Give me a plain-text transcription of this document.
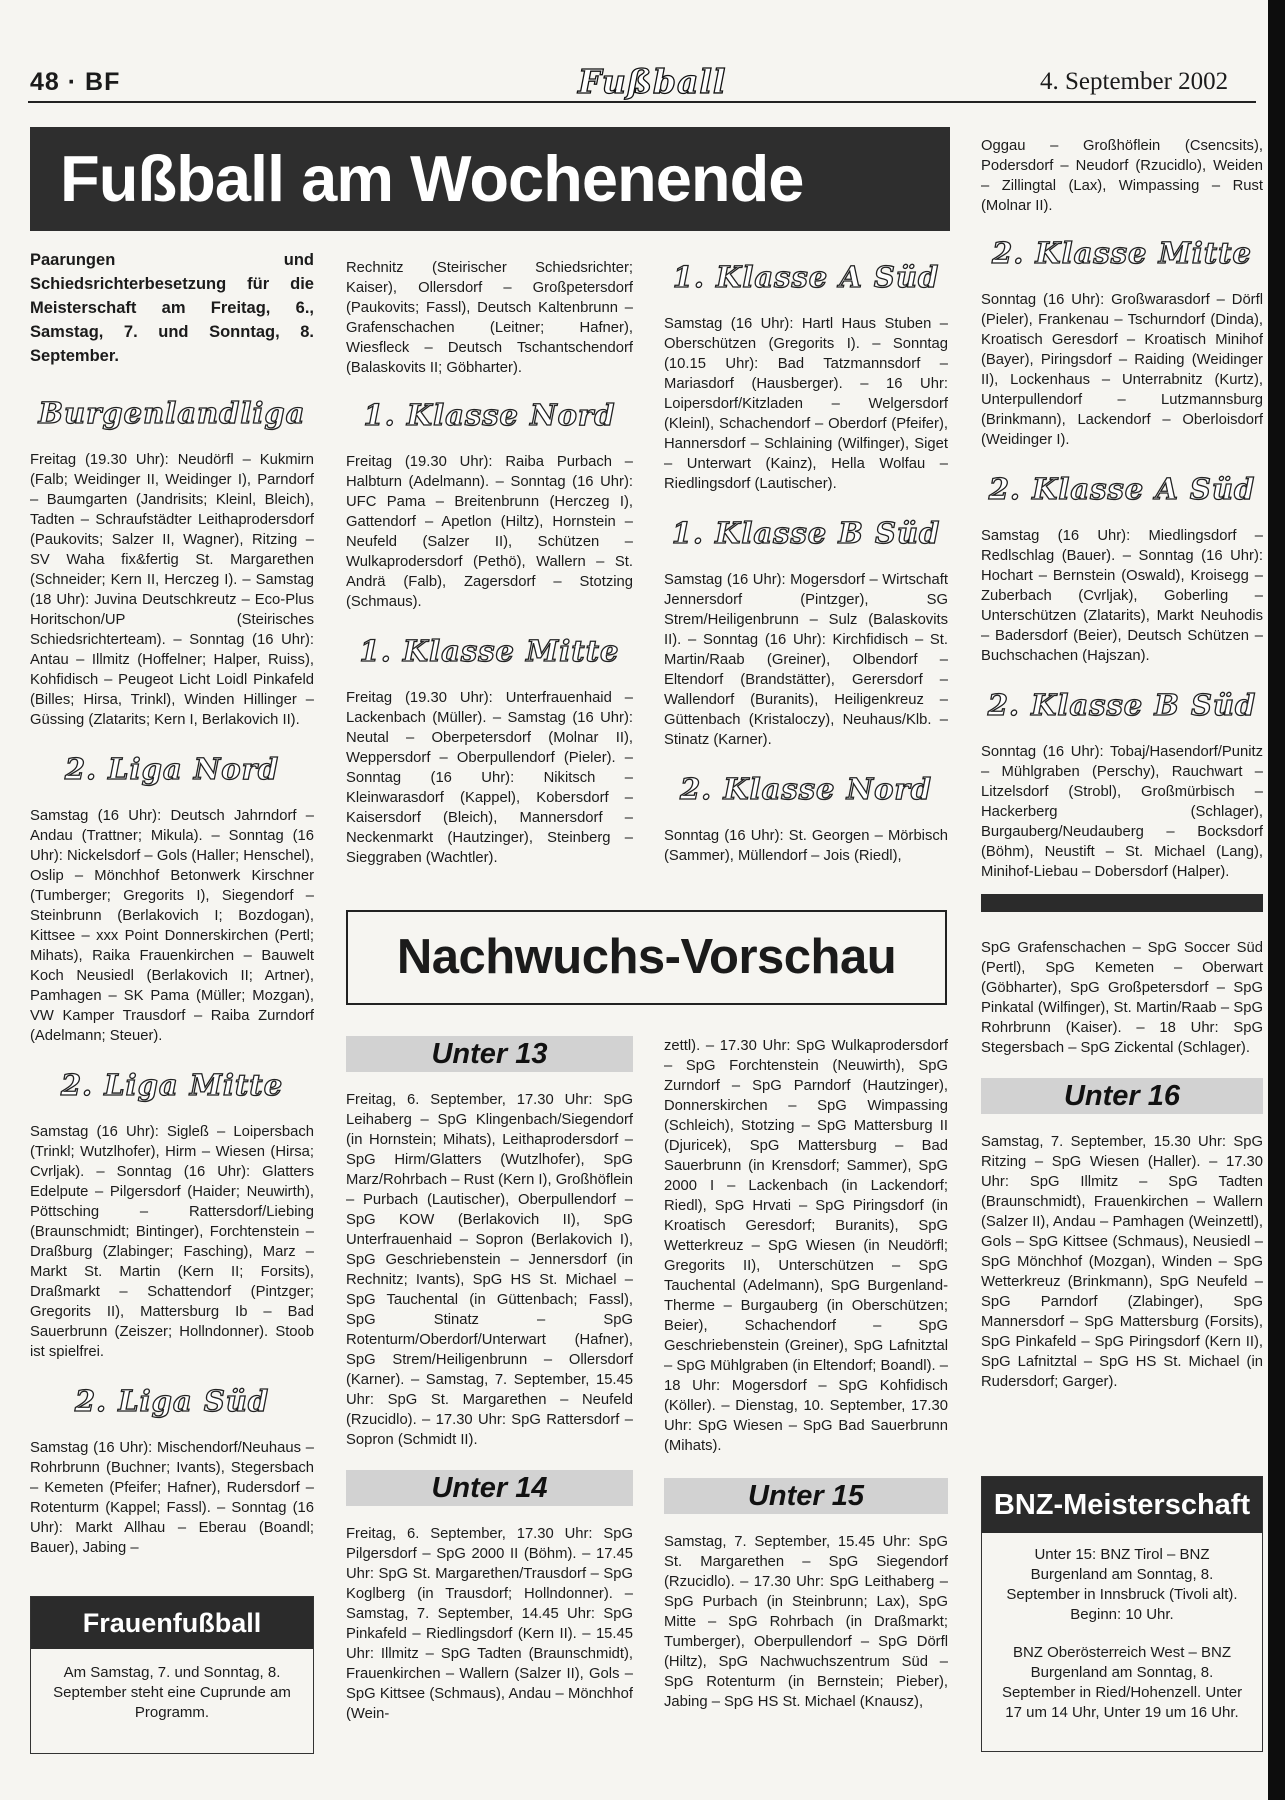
48 · BF	Fußball	4. September 2002
Fußball am Wochenende

Paarungen und Schiedsrichterbesetzung für die Meisterschaft am Freitag, 6., Samstag, 7. und Sonntag, 8. September.

Burgenlandliga

Freitag (19.30 Uhr): Neudörfl – Kukmirn (Falb; Weidinger II, Weidinger I), Parndorf – Baumgarten (Jandrisits; Kleinl, Bleich), Tadten – Schraufstädter Leithaprodersdorf (Paukovits; Salzer II, Wagner), Ritzing – SV Waha fix&fertig St. Margarethen (Schneider; Kern II, Herczeg I). – Samstag (18 Uhr): Juvina Deutschkreutz – Eco-Plus Horitschon/UP (Steirisches Schiedsrichterteam). – Sonntag (16 Uhr): Antau – Illmitz (Hoffelner; Halper, Ruiss), Kohfidisch – Peugeot Licht Loidl Pinkafeld (Billes; Hirsa, Trinkl), Winden Hillinger – Güssing (Zlatarits; Kern I, Berlakovich II).

2. Liga Nord

Samstag (16 Uhr): Deutsch Jahrndorf – Andau (Trattner; Mikula). – Sonntag (16 Uhr): Nickelsdorf – Gols (Haller; Henschel), Oslip – Mönchhof Betonwerk Kirschner (Tumberger; Gregorits I), Siegendorf – Steinbrunn (Berlakovich I; Bozdogan), Kittsee – xxx Point Donnerskirchen (Pertl; Mihats), Raika Frauenkirchen – Bauwelt Koch Neusiedl (Berlakovich II; Artner), Pamhagen – SK Pama (Müller; Mozgan), VW Kamper Trausdorf – Raiba Zurndorf (Adelmann; Steuer).

2. Liga Mitte

Samstag (16 Uhr): Sigleß – Loipersbach (Trinkl; Wutzlhofer), Hirm – Wiesen (Hirsa; Cvrljak). – Sonntag (16 Uhr): Glatters Edelpute – Pilgersdorf (Haider; Neuwirth), Pöttsching – Rattersdorf/Liebing (Braunschmidt; Bintinger), Forchtenstein – Draßburg (Zlabinger; Fasching), Marz – Markt St. Martin (Kern II; Forsits), Draßmarkt – Schattendorf (Pintzger; Gregorits II), Mattersburg Ib – Bad Sauerbrunn (Zeiszer; Hollndonner). Stoob ist spielfrei.

2. Liga Süd

Samstag (16 Uhr): Mischendorf/Neuhaus – Rohrbrunn (Buchner; Ivants), Stegersbach – Kemeten (Pfeifer; Hafner), Rudersdorf – Rotenturm (Kappel; Fassl). – Sonntag (16 Uhr): Markt Allhau – Eberau (Boandl; Bauer), Jabing –

Frauenfußball
Am Samstag, 7. und Sonntag, 8. September steht eine Cuprunde am Programm.

Rechnitz (Steirischer Schiedsrichter; Kaiser), Ollersdorf – Großpetersdorf (Paukovits; Fassl), Deutsch Kaltenbrunn – Grafenschachen (Leitner; Hafner), Wiesfleck – Deutsch Tschantschendorf (Balaskovits II; Göbharter).

1. Klasse Nord

Freitag (19.30 Uhr): Raiba Purbach – Halbturn (Adelmann). – Sonntag (16 Uhr): UFC Pama – Breitenbrunn (Herczeg I), Gattendorf – Apetlon (Hiltz), Hornstein – Neufeld (Salzer II), Schützen – Wulkaprodersdorf (Pethö), Wallern – St. Andrä (Falb), Zagersdorf – Stotzing (Schmaus).

1. Klasse Mitte

Freitag (19.30 Uhr): Unterfrauenhaid – Lackenbach (Müller). – Samstag (16 Uhr): Neutal – Oberpetersdorf (Molnar II), Weppersdorf – Oberpullendorf (Pieler). – Sonntag (16 Uhr): Nikitsch – Kleinwarasdorf (Kappel), Kobersdorf – Kaisersdorf (Bleich), Mannersdorf – Neckenmarkt (Hautzinger), Steinberg – Sieggraben (Wachtler).

1. Klasse A Süd

Samstag (16 Uhr): Hartl Haus Stuben – Oberschützen (Gregorits I). – Sonntag (10.15 Uhr): Bad Tatzmannsdorf – Mariasdorf (Hausberger). – 16 Uhr: Loipersdorf/Kitzladen – Welgersdorf (Kleinl), Schachendorf – Oberdorf (Pfeifer), Hannersdorf – Schlaining (Wilfinger), Siget – Unterwart (Kainz), Hella Wolfau – Riedlingsdorf (Lautischer).

1. Klasse B Süd

Samstag (16 Uhr): Mogersdorf – Wirtschaft Jennersdorf (Pintzger), SG Strem/Heiligenbrunn – Sulz (Balaskovits II). – Sonntag (16 Uhr): Kirchfidisch – St. Martin/Raab (Greiner), Olbendorf – Eltendorf (Brandstätter), Gerersdorf – Wallendorf (Buranits), Heiligenkreuz – Güttenbach (Kristaloczy), Neuhaus/Klb. – Stinatz (Karner).

2. Klasse Nord

Sonntag (16 Uhr): St. Georgen – Mörbisch (Sammer), Müllendorf – Jois (Riedl),

Nachwuchs-Vorschau
Unter 13

Freitag, 6. September, 17.30 Uhr: SpG Leihaberg – SpG Klingenbach/Siegendorf (in Hornstein; Mihats), Leithaprodersdorf – SpG Hirm/Glatters (Wutzlhofer), SpG Marz/Rohrbach – Rust (Kern I), Großhöflein – Purbach (Lautischer), Oberpullendorf – SpG KOW (Berlakovich II), SpG Unterfrauenhaid – Sopron (Berlakovich I), SpG Geschriebenstein – Jennersdorf (in Rechnitz; Ivants), SpG HS St. Michael – SpG Tauchental (in Güttenbach; Fassl), SpG Stinatz – SpG Rotenturm/Oberdorf/Unterwart (Hafner), SpG Strem/Heiligenbrunn – Ollersdorf (Karner). – Samstag, 7. September, 15.45 Uhr: SpG St. Margarethen – Neufeld (Rzucidlo). – 17.30 Uhr: SpG Rattersdorf – Sopron (Schmidt II).

Unter 14

Freitag, 6. September, 17.30 Uhr: SpG Pilgersdorf – SpG 2000 II (Böhm). – 17.45 Uhr: SpG St. Margarethen/Trausdorf – SpG Koglberg (in Trausdorf; Hollndonner). – Samstag, 7. September, 14.45 Uhr: SpG Pinkafeld – Riedlingsdorf (Kern II). – 15.45 Uhr: Illmitz – SpG Tadten (Braunschmidt), Frauenkirchen – Wallern (Salzer II), Gols – SpG Kittsee (Schmaus), Andau – Mönchhof (Wein-

zettl). – 17.30 Uhr: SpG Wulkaprodersdorf – SpG Forchtenstein (Neuwirth), SpG Zurndorf – SpG Parndorf (Hautzinger), Donnerskirchen – SpG Wimpassing (Schleich), Stotzing – SpG Mattersburg II (Djuricek), SpG Mattersburg – Bad Sauerbrunn (in Krensdorf; Sammer), SpG 2000 I – Lackenbach (in Lackendorf; Riedl), SpG Hrvati – SpG Piringsdorf (in Kroatisch Geresdorf; Buranits), SpG Wetterkreuz – SpG Wiesen (in Neudörfl; Gregorits II), Unterschützen – SpG Tauchental (Adelmann), SpG Burgenland-Therme – Burgauberg (in Oberschützen; Beier), Schachendorf – SpG Geschriebenstein (Greiner), SpG Lafnitztal – SpG Mühlgraben (in Eltendorf; Boandl). – 18 Uhr: Mogersdorf – SpG Kohfidisch (Köller). – Dienstag, 10. September, 17.30 Uhr: SpG Wiesen – SpG Bad Sauerbrunn (Mihats).

Unter 15

Samstag, 7. September, 15.45 Uhr: SpG St. Margarethen – SpG Siegendorf (Rzucidlo). – 17.30 Uhr: SpG Leithaberg – SpG Purbach (in Steinbrunn; Lax), SpG Mitte – SpG Rohrbach (in Draßmarkt; Tumberger), Oberpullendorf – SpG Dörfl (Hiltz), SpG Nachwuchszentrum Süd – SpG Rotenturm (in Bernstein; Pieber), Jabing – SpG HS St. Michael (Knausz),

Oggau – Großhöflein (Csencsits), Podersdorf – Neudorf (Rzucidlo), Weiden – Zillingtal (Lax), Wimpassing – Rust (Molnar II).

2. Klasse Mitte

Sonntag (16 Uhr): Großwarasdorf – Dörfl (Pieler), Frankenau – Tschurndorf (Dinda), Kroatisch Geresdorf – Kroatisch Minihof (Bayer), Piringsdorf – Raiding (Weidinger II), Lockenhaus – Unterrabnitz (Kurtz), Unterpullendorf – Lutzmannsburg (Brinkmann), Lackendorf – Oberloisdorf (Weidinger I).

2. Klasse A Süd

Samstag (16 Uhr): Miedlingsdorf – Redlschlag (Bauer). – Sonntag (16 Uhr): Hochart – Bernstein (Oswald), Kroisegg – Zuberbach (Cvrljak), Goberling – Unterschützen (Zlatarits), Markt Neuhodis – Badersdorf (Beier), Deutsch Schützen – Buchschachen (Hajszan).

2. Klasse B Süd

Sonntag (16 Uhr): Tobaj/Hasendorf/Punitz – Mühlgraben (Perschy), Rauchwart – Litzelsdorf (Strobl), Großmürbisch – Hackerberg (Schlager), Burgauberg/Neudauberg – Bocksdorf (Böhm), Neustift – St. Michael (Lang), Minihof-Liebau – Dobersdorf (Halper).

SpG Grafenschachen – SpG Soccer Süd (Pertl), SpG Kemeten – Oberwart (Göbharter), SpG Großpetersdorf – SpG Pinkatal (Wilfinger), St. Martin/Raab – SpG Rohrbrunn (Kaiser). – 18 Uhr: SpG Stegersbach – SpG Zickental (Schlager).

Unter 16

Samstag, 7. September, 15.30 Uhr: SpG Ritzing – SpG Wiesen (Haller). – 17.30 Uhr: SpG Illmitz – SpG Tadten (Braunschmidt), Frauenkirchen – Wallern (Salzer II), Andau – Pamhagen (Weinzettl), Gols – SpG Kittsee (Schmaus), Neusiedl – SpG Mönchhof (Mozgan), Winden – SpG Wetterkreuz (Brinkmann), SpG Neufeld – SpG Parndorf (Zlabinger), SpG Mannersdorf – SpG Mattersburg (Forsits), SpG Pinkafeld – SpG Piringsdorf (Kern II), SpG Lafnitztal – SpG HS St. Michael (in Rudersdorf; Garger).

BNZ-Meisterschaft

Unter 15: BNZ Tirol – BNZ Burgenland am Sonntag, 8. September in Innsbruck (Tivoli alt). Beginn: 10 Uhr.

BNZ Oberösterreich West – BNZ Burgenland am Sonntag, 8. September in Ried/Hohenzell. Unter 17 um 14 Uhr, Unter 19 um 16 Uhr.
